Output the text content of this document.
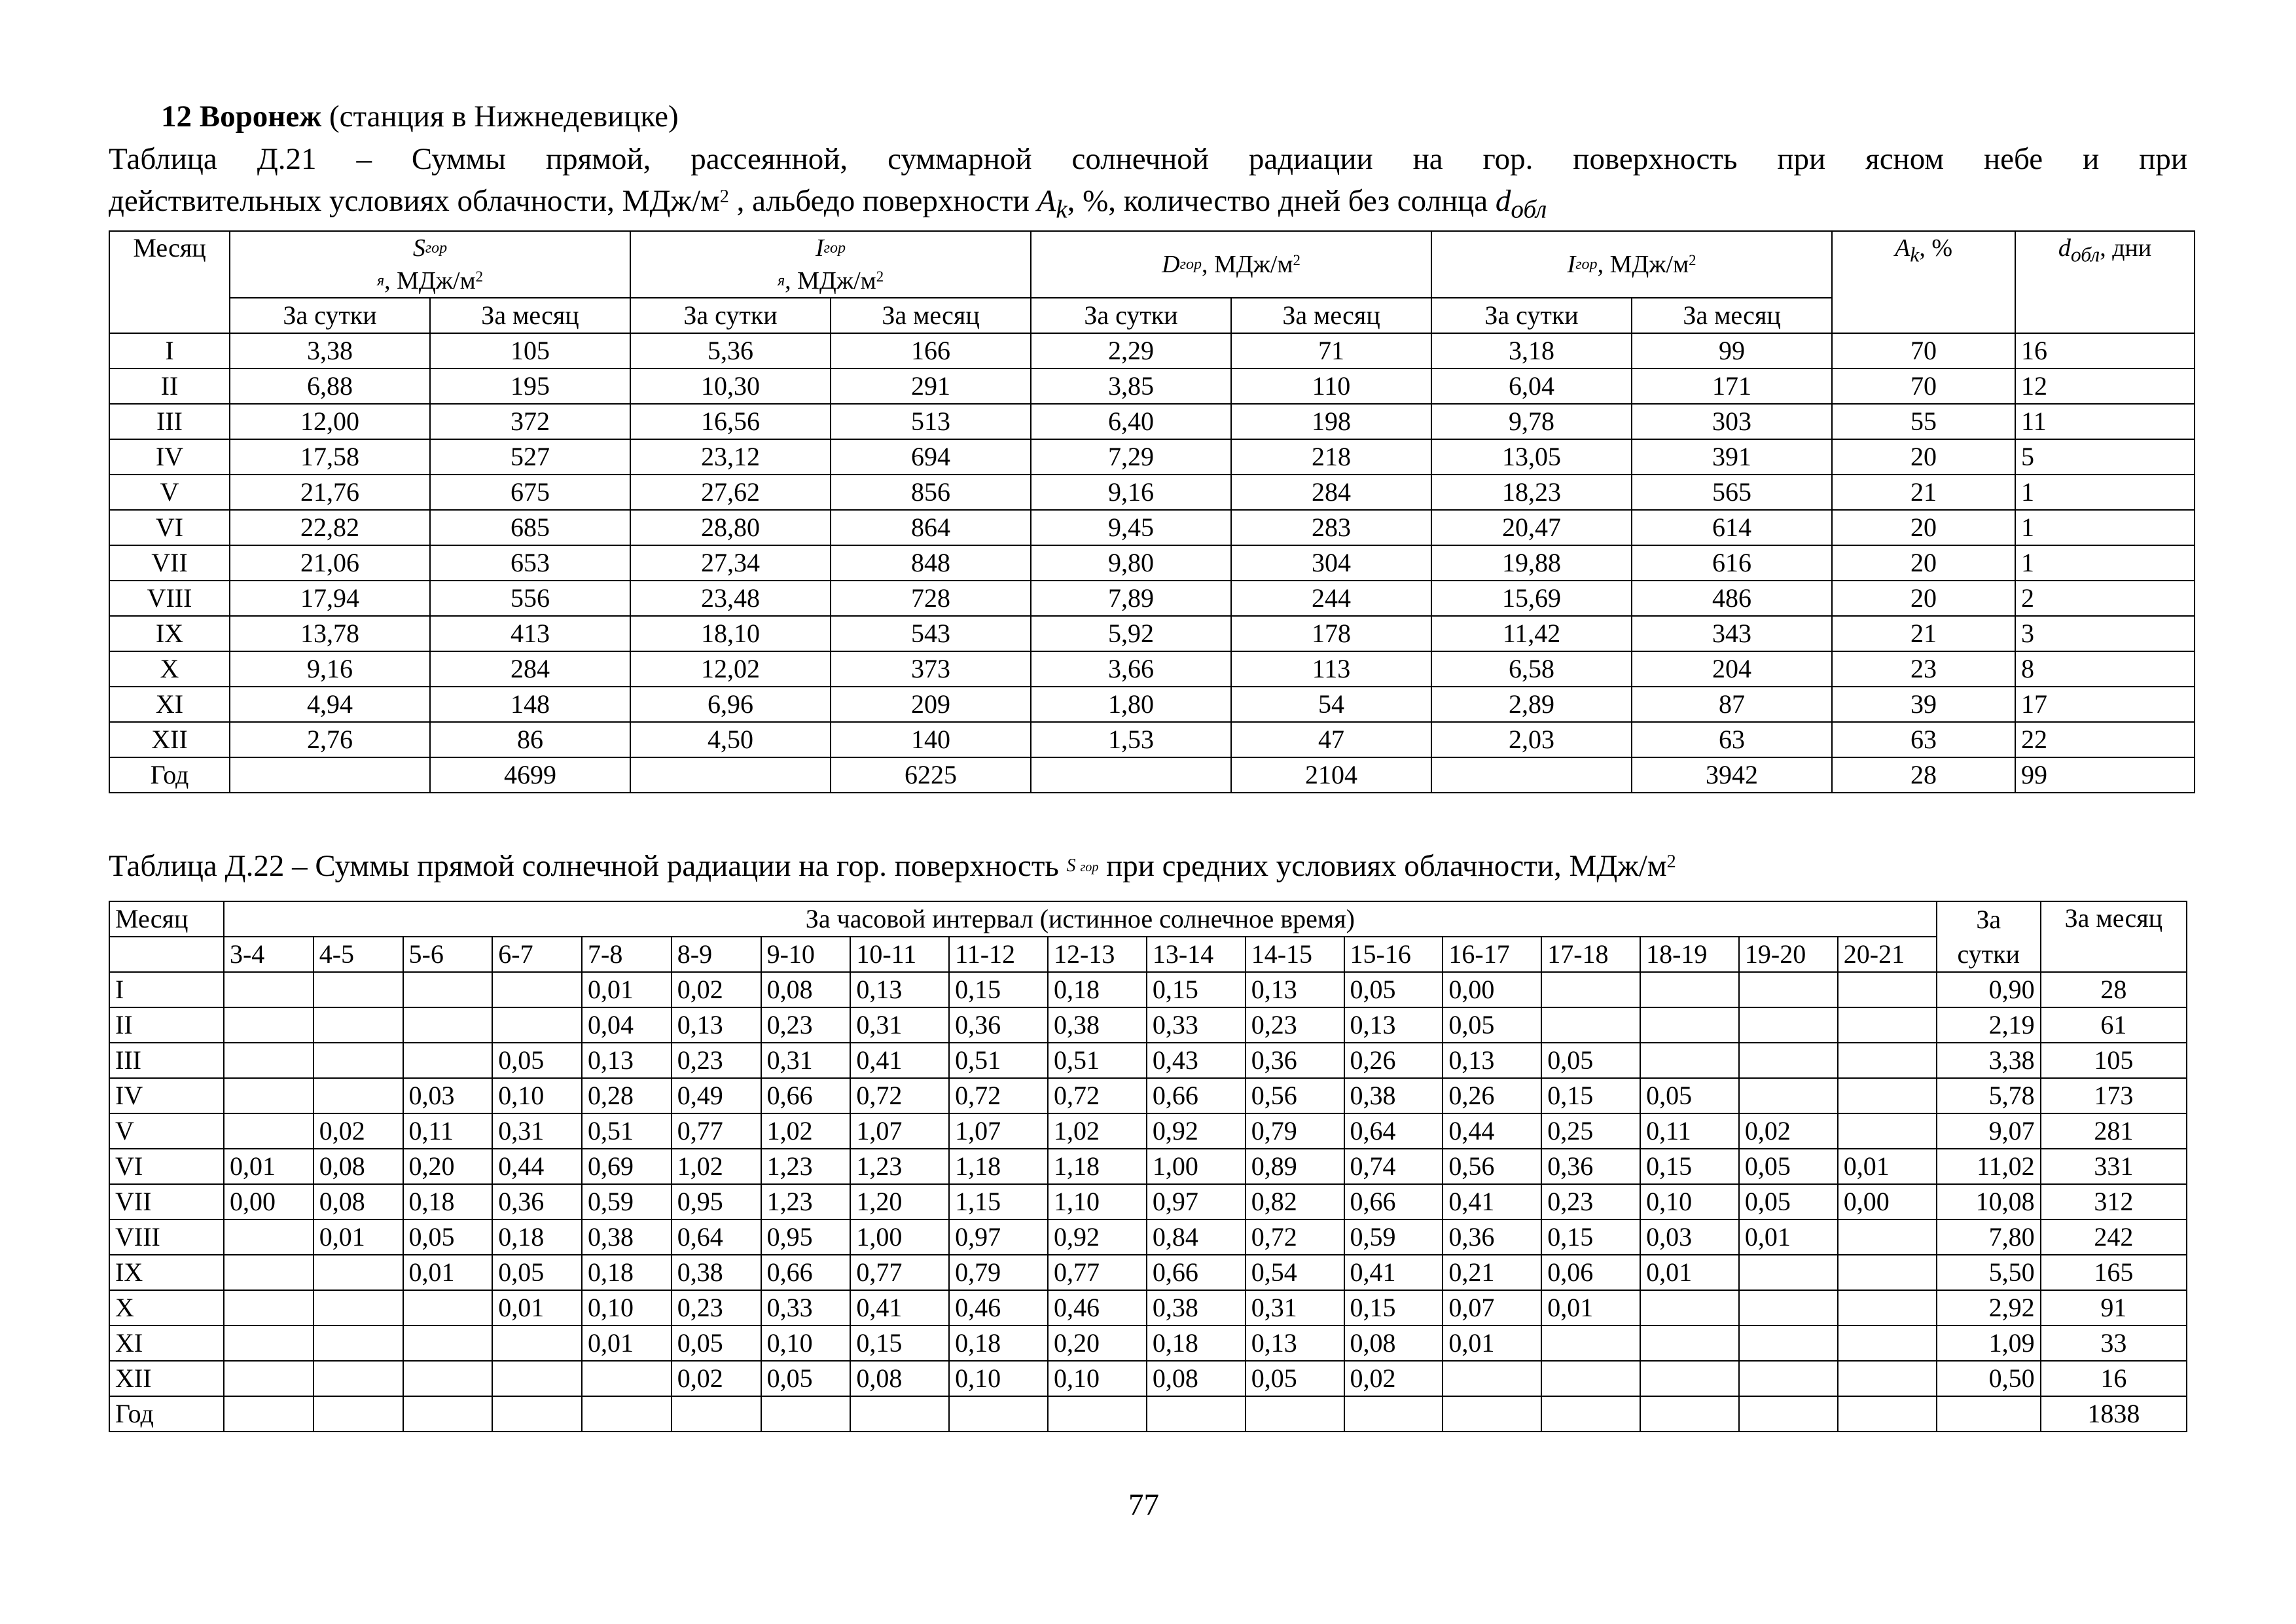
12 Воронеж (станция в Нижнедевицке)
Таблица Д.21 – Суммы прямой, рассеянной, суммарной солнечной радиации на гор. поверхность при ясном небе и при
действительных условиях облачности, МДж/$м^2$ , альбедо поверхности $A_k$, %, количество дней без солнца $d_{обл}$
Месяц	$S^{гор я}$, МДж/$м^2$		$I^{гор я}$, МДж/$м^2$		$D^{гор}$, МДж/$м^2$		$I^{гор}$, МДж/$м^2$		$A_k$, %	$d_{обл}$, дни
	За сутки	За месяц	За сутки	За месяц	За сутки	За месяц	За сутки	За месяц		
I	3,38	105	5,36	166	2,29	71	3,18	99	70	16
II	6,88	195	10,30	291	3,85	110	6,04	171	70	12
III	12,00	372	16,56	513	6,40	198	9,78	303	55	11
IV	17,58	527	23,12	694	7,29	218	13,05	391	20	5
V	21,76	675	27,62	856	9,16	284	18,23	565	21	1
VI	22,82	685	28,80	864	9,45	283	20,47	614	20	1
VII	21,06	653	27,34	848	9,80	304	19,88	616	20	1
VIII	17,94	556	23,48	728	7,89	244	15,69	486	20	2
IX	13,78	413	18,10	543	5,92	178	11,42	343	21	3
X	9,16	284	12,02	373	3,66	113	6,58	204	23	8
XI	4,94	148	6,96	209	1,80	54	2,89	87	39	17
XII	2,76	86	4,50	140	1,53	47	2,03	63	63	22
Год		4699		6225		2104		3942	28	99
Таблица Д.22 – Суммы прямой солнечной радиации на гор. поверхность $^{S гор}$ при средних условиях облачности, МДж/$м^2$
Месяц	За часовой интервал (истинное солнечное время)																		За	За месяц
	3-4	4-5	5-6	6-7	7-8	8-9	9-10	10-11	11-12	12-13	13-14	14-15	15-16	16-17	17-18	18-19	19-20	20-21	сутки	
I					0,01	0,02	0,08	0,13	0,15	0,18	0,15	0,13	0,05	0,00					0,90	28
II					0,04	0,13	0,23	0,31	0,36	0,38	0,33	0,23	0,13	0,05					2,19	61
III				0,05	0,13	0,23	0,31	0,41	0,51	0,51	0,43	0,36	0,26	0,13	0,05				3,38	105
IV			0,03	0,10	0,28	0,49	0,66	0,72	0,72	0,72	0,66	0,56	0,38	0,26	0,15	0,05			5,78	173
V		0,02	0,11	0,31	0,51	0,77	1,02	1,07	1,07	1,02	0,92	0,79	0,64	0,44	0,25	0,11	0,02		9,07	281
VI	0,01	0,08	0,20	0,44	0,69	1,02	1,23	1,23	1,18	1,18	1,00	0,89	0,74	0,56	0,36	0,15	0,05	0,01	11,02	331
VII	0,00	0,08	0,18	0,36	0,59	0,95	1,23	1,20	1,15	1,10	0,97	0,82	0,66	0,41	0,23	0,10	0,05	0,00	10,08	312
VIII		0,01	0,05	0,18	0,38	0,64	0,95	1,00	0,97	0,92	0,84	0,72	0,59	0,36	0,15	0,03	0,01		7,80	242
IX			0,01	0,05	0,18	0,38	0,66	0,77	0,79	0,77	0,66	0,54	0,41	0,21	0,06	0,01			5,50	165
X				0,01	0,10	0,23	0,33	0,41	0,46	0,46	0,38	0,31	0,15	0,07	0,01				2,92	91
XI					0,01	0,05	0,10	0,15	0,18	0,20	0,18	0,13	0,08	0,01					1,09	33
XII						0,02	0,05	0,08	0,10	0,10	0,08	0,05	0,02						0,50	16
Год																				1838
77
